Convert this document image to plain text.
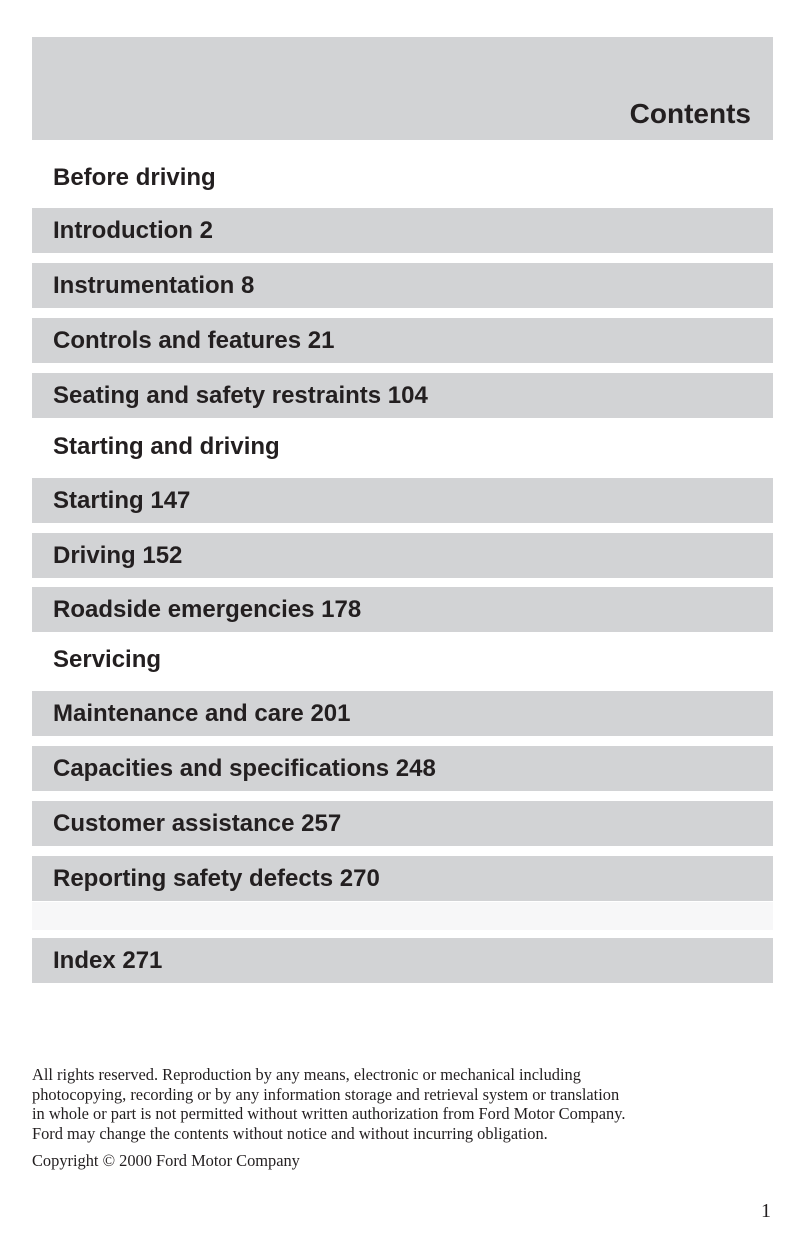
Contents
Before driving
Introduction
2
Instrumentation
8
Controls and features
21
Seating and safety restraints
104
Starting and driving
Starting
147
Driving
152
Roadside emergencies
178
Servicing
Maintenance and care
201
Capacities and specifications
248
Customer assistance
257
Reporting safety defects
270
Index
271
All rights reserved. Reproduction by any means, electronic or mechanical including
photocopying, recording or by any information storage and retrieval system or translation
in whole or part is not permitted without written authorization from Ford Motor Company.
Ford may change the contents without notice and without incurring obligation.
Copyright © 2000 Ford Motor Company
1
